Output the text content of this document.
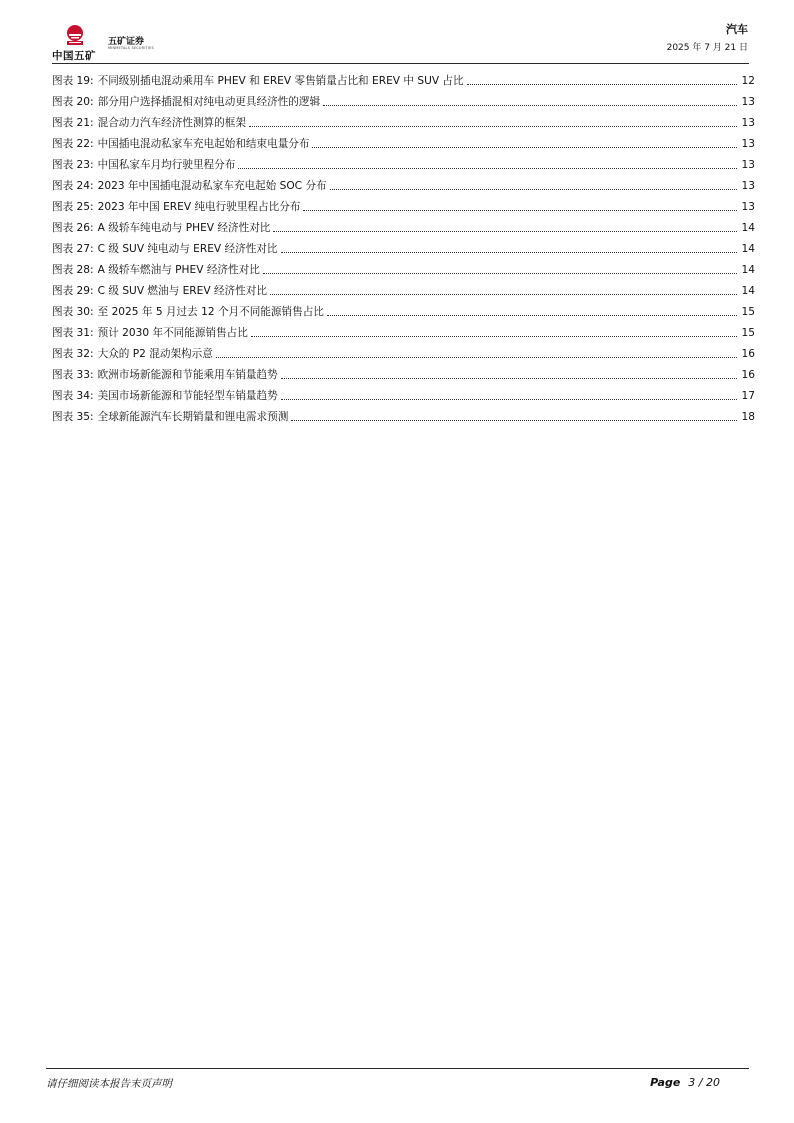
中国五矿
五矿证券
MINMETALS SECURITIES
汽车
2025 年 7 月 21 日
图表 19: 不同级别插电混动乘用车 PHEV 和 EREV 零售销量占比和 EREV 中 SUV 占比	12
图表 20: 部分用户选择插混相对纯电动更具经济性的逻辑	13
图表 21: 混合动力汽车经济性测算的框架	13
图表 22: 中国插电混动私家车充电起始和结束电量分布	13
图表 23: 中国私家车月均行驶里程分布	13
图表 24: 2023 年中国插电混动私家车充电起始 SOC 分布	13
图表 25: 2023 年中国 EREV 纯电行驶里程占比分布	13
图表 26: A 级轿车纯电动与 PHEV 经济性对比	14
图表 27: C 级 SUV 纯电动与 EREV 经济性对比	14
图表 28: A 级轿车燃油与 PHEV 经济性对比	14
图表 29: C 级 SUV 燃油与 EREV 经济性对比	14
图表 30: 至 2025 年 5 月过去 12 个月不同能源销售占比	15
图表 31: 预计 2030 年不同能源销售占比	15
图表 32: 大众的 P2 混动架构示意	16
图表 33: 欧洲市场新能源和节能乘用车销量趋势	16
图表 34: 美国市场新能源和节能轻型车销量趋势	17
图表 35: 全球新能源汽车长期销量和锂电需求预测	18
请仔细阅读本报告末页声明	Page 3 / 20
